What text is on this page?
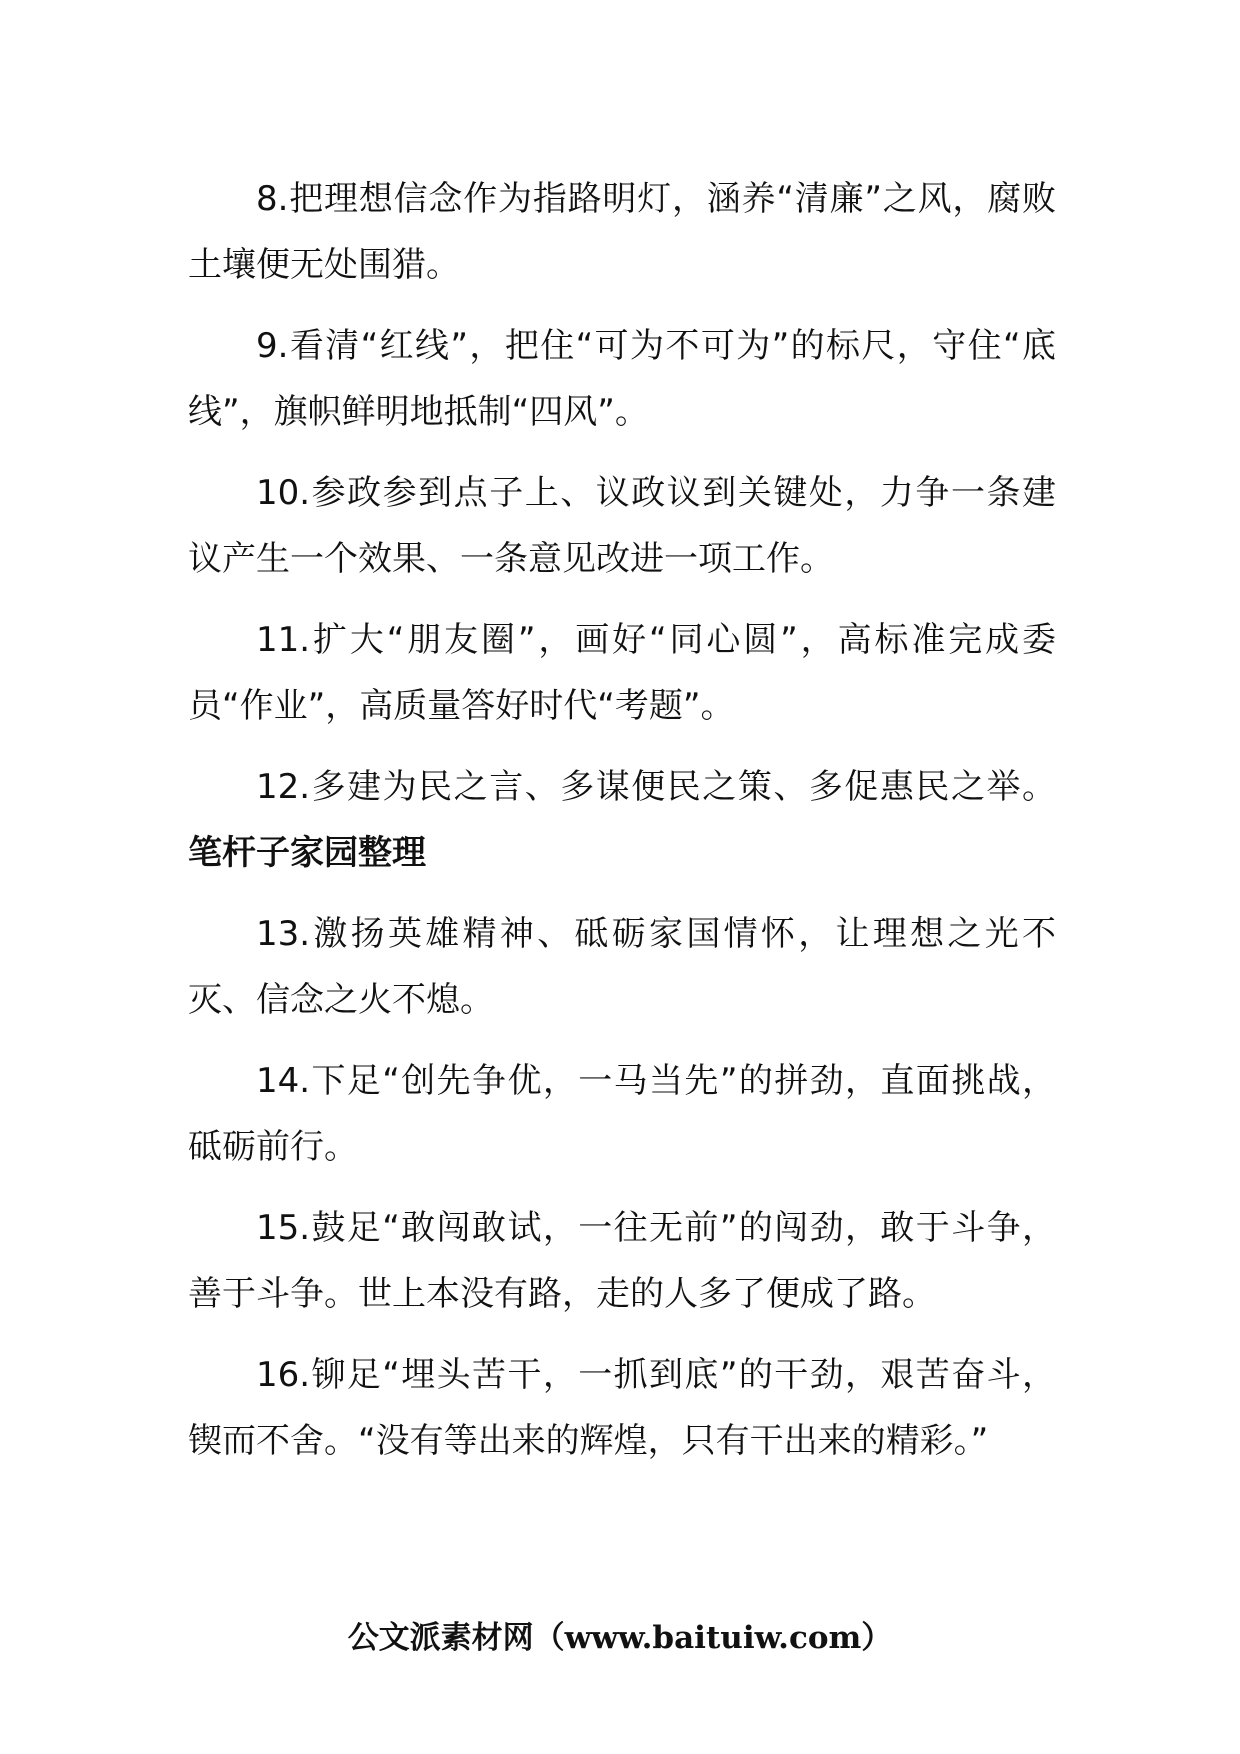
8.把理想信念作为指路明灯，涵养“清廉”之风，腐败土壤便无处围猎。

9.看清“红线”，把住“可为不可为”的标尺，守住“底线”，旗帜鲜明地抵制“四风”。

10.参政参到点子上、议政议到关键处，力争一条建议产生一个效果、一条意见改进一项工作。

11.扩大“朋友圈”，画好“同心圆”，高标准完成委员“作业”，高质量答好时代“考题”。

12.多建为民之言、多谋便民之策、多促惠民之举。笔杆子家园整理

13.激扬英雄精神、砥砺家国情怀，让理想之光不灭、信念之火不熄。

14.下足“创先争优，一马当先”的拼劲，直面挑战，砥砺前行。

15.鼓足“敢闯敢试，一往无前”的闯劲，敢于斗争，善于斗争。世上本没有路，走的人多了便成了路。

16.铆足“埋头苦干，一抓到底”的干劲，艰苦奋斗，锲而不舍。“没有等出来的辉煌，只有干出来的精彩。”

公文派素材网（www.baituiw.com）
